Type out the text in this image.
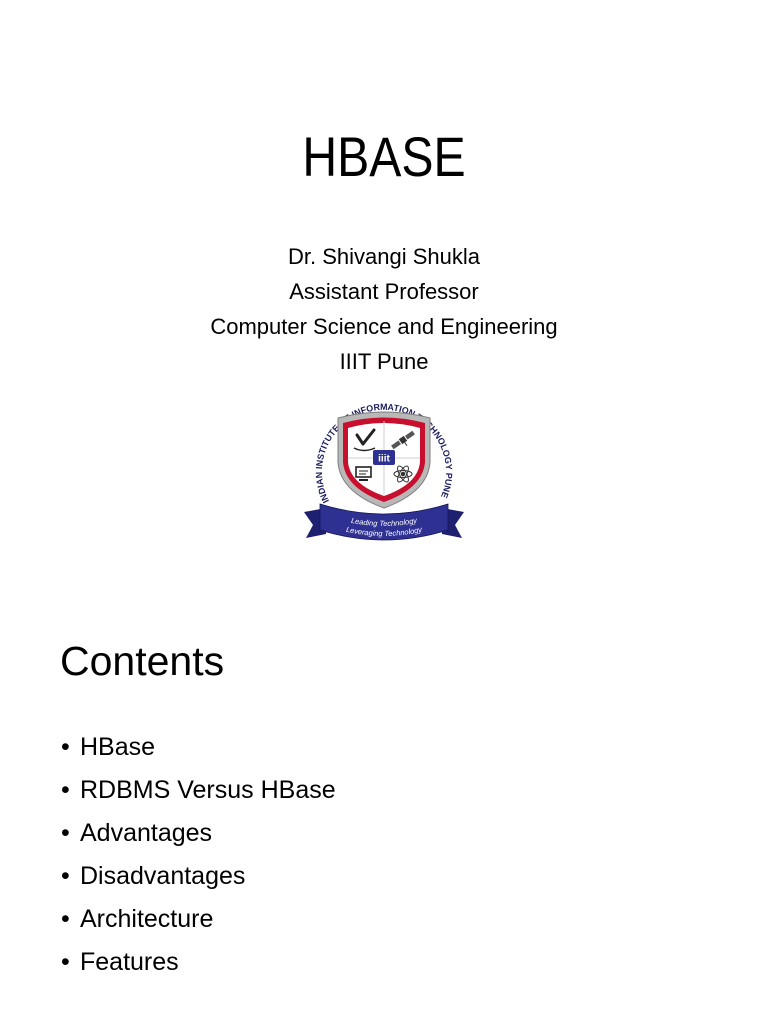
HBASE
Dr. Shivangi Shukla
Assistant Professor
Computer Science and Engineering
IIIT Pune
INDIAN INSTITUTE NFORMATION HNOLOGY PUNE
iiit
Leading Technology
Leveraging Technology
Contents
• HBase
• RDBMS Versus HBase
• Advantages
• Disadvantages
• Architecture
• Features
